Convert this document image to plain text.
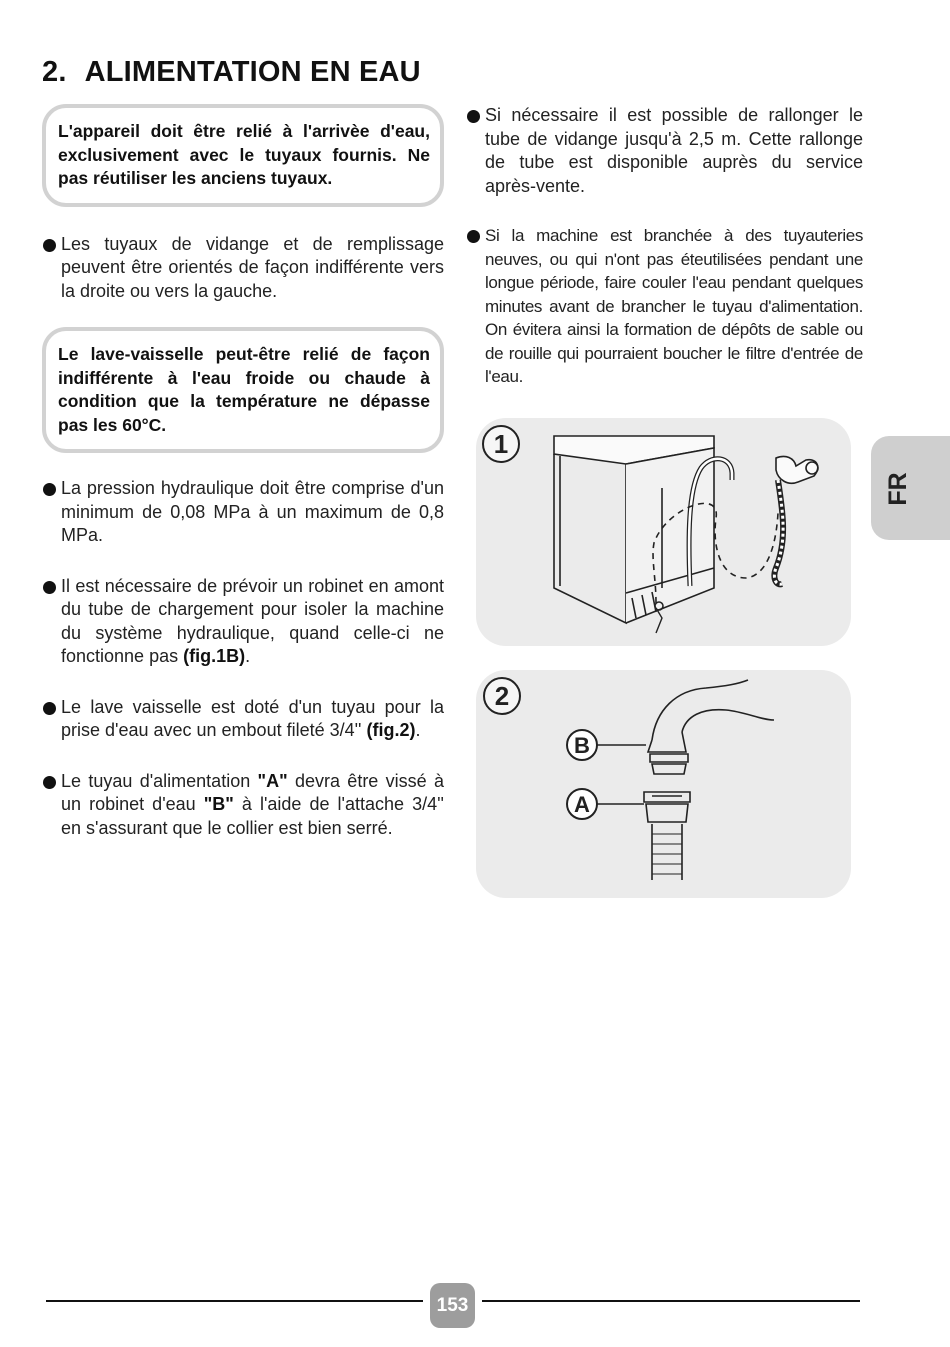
2. ALIMENTATION EN EAU
L'appareil doit être relié à l'arrivèe d'eau, exclusivement avec le tuyaux fournis. Ne pas réutiliser les anciens tuyaux.
Les tuyaux de vidange et de remplissage peuvent être orientés de façon indifférente vers la droite ou vers la gauche.
Le lave-vaisselle peut-être relié de façon indifférente à l'eau froide ou chaude à condition que la température ne dépasse pas les 60°C.
La pression hydraulique doit être comprise d'un minimum de 0,08 MPa à un maximum de 0,8 MPa.
Il est nécessaire de prévoir un robinet en amont du tube de chargement pour isoler la machine du système hydraulique, quand celle-ci ne fonctionne pas (fig.1B).
Le lave vaisselle est doté d'un tuyau pour la prise d'eau avec un embout fileté 3/4'' (fig.2).
Le tuyau d'alimentation "A" devra être vissé à un robinet d'eau "B" à l'aide de l'attache 3/4'' en s'assurant que le collier est bien serré.
Si nécessaire il est possible de rallonger le tube de vidange jusqu'à 2,5 m. Cette rallonge de tube est disponible auprès du service après-vente.
Si la machine est branchée à des tuyauteries neuves, ou qui n'ont pas éteutilisées pendant une longue période, faire couler l'eau pendant quelques minutes avant de brancher le tuyau d'alimentation. On évitera ainsi la formation de dépôts de sable ou de rouille qui pourraient boucher le filtre d'entrée de l'eau.
1
2
B
A
FR
153
